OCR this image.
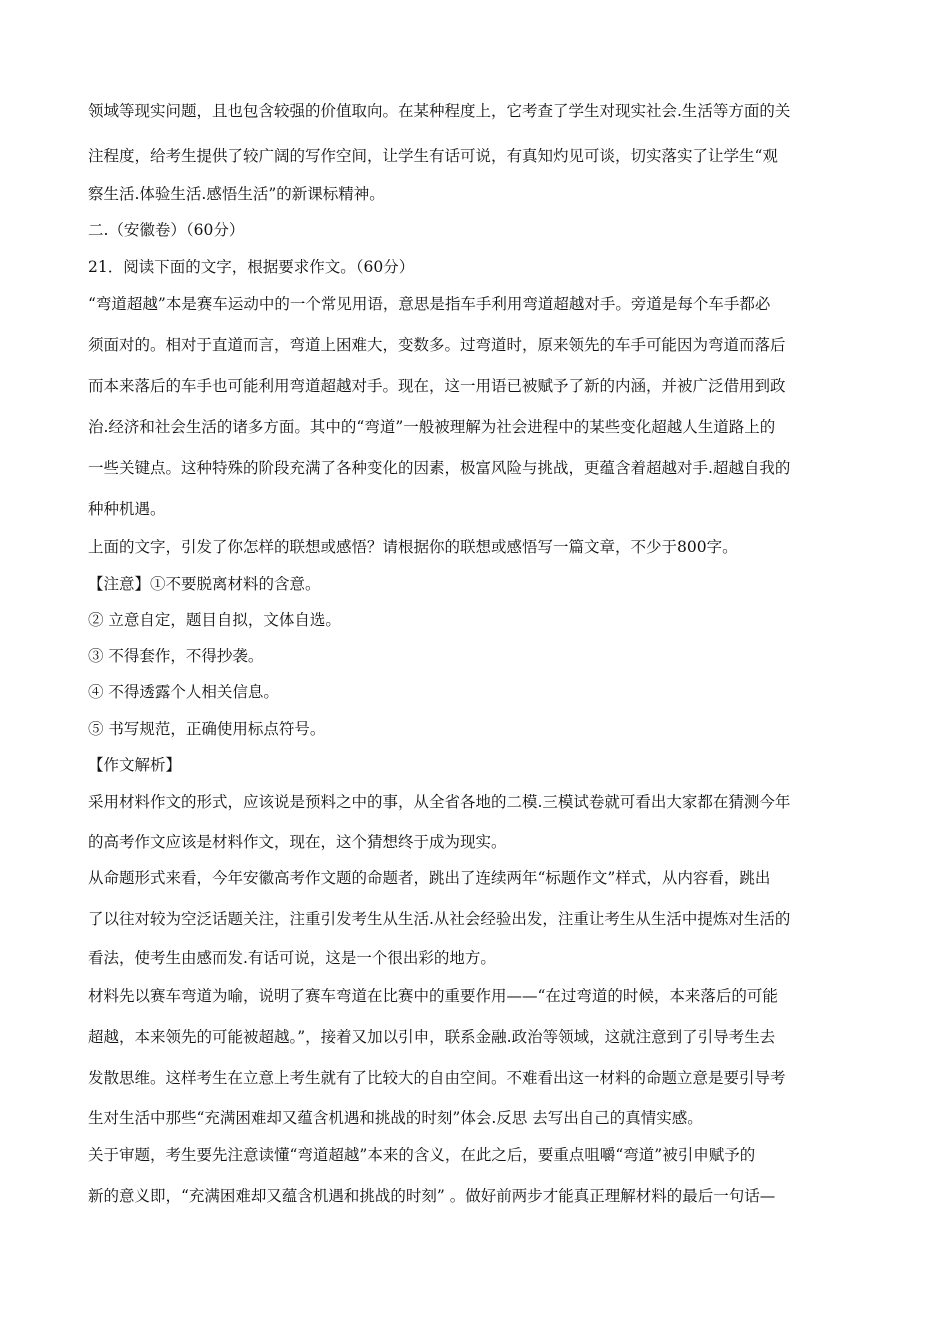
领域等现实问题，且也包含较强的价值取向。在某种程度上，它考查了学生对现实社会.生活等方面的关

注程度，给考生提供了较广阔的写作空间，让学生有话可说，有真知灼见可谈，切实落实了让学生“观

察生活.体验生活.感悟生活”的新课标精神。

二.（安徽卷）（60分）

21．阅读下面的文字，根据要求作文。（60分）

“弯道超越”本是赛车运动中的一个常见用语，意思是指车手利用弯道超越对手。旁道是每个车手都必

须面对的。相对于直道而言，弯道上困难大，变数多。过弯道时，原来领先的车手可能因为弯道而落后

而本来落后的车手也可能利用弯道超越对手。现在，这一用语已被赋予了新的内涵，并被广泛借用到政

治.经济和社会生活的诸多方面。其中的“弯道”一般被理解为社会进程中的某些变化超越人生道路上的

一些关键点。这种特殊的阶段充满了各种变化的因素，极富风险与挑战，更蕴含着超越对手.超越自我的

种种机遇。

上面的文字，引发了你怎样的联想或感悟？请根据你的联想或感悟写一篇文章，不少于800字。

【注意】①不要脱离材料的含意。

② 立意自定，题目自拟，文体自选。

③ 不得套作，不得抄袭。

④ 不得透露个人相关信息。

⑤ 书写规范，正确使用标点符号。

【作文解析】

采用材料作文的形式，应该说是预料之中的事，从全省各地的二模.三模试卷就可看出大家都在猜测今年

的高考作文应该是材料作文，现在，这个猜想终于成为现实。

从命题形式来看，今年安徽高考作文题的命题者，跳出了连续两年“标题作文”样式，从内容看，跳出

了以往对较为空泛话题关注，注重引发考生从生活.从社会经验出发，注重让考生从生活中提炼对生活的

看法，使考生由感而发.有话可说，这是一个很出彩的地方。

材料先以赛车弯道为喻，说明了赛车弯道在比赛中的重要作用——“在过弯道的时候，本来落后的可能

超越，本来领先的可能被超越。”，接着又加以引申，联系金融.政治等领域，这就注意到了引导考生去

发散思维。这样考生在立意上考生就有了比较大的自由空间。不难看出这一材料的命题立意是要引导考

生对生活中那些“充满困难却又蕴含机遇和挑战的时刻”体会.反思 去写出自己的真情实感。

关于审题，考生要先注意读懂“弯道超越”本来的含义，在此之后，要重点咀嚼“弯道”被引申赋予的

新的意义即，“充满困难却又蕴含机遇和挑战的时刻” 。做好前两步才能真正理解材料的最后一句话—
